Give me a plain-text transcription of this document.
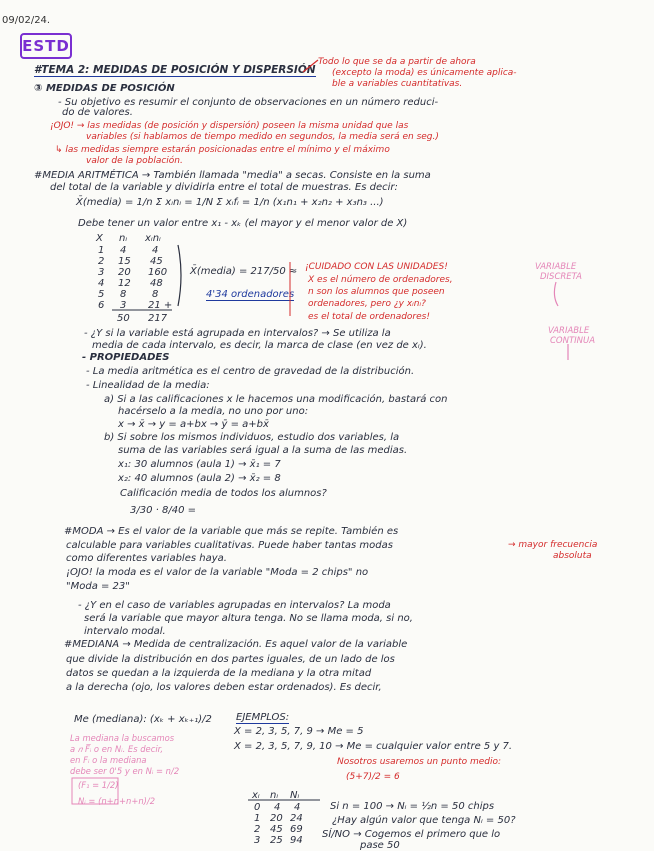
09/02/24.
ESTD
#TEMA 2: MEDIDAS DE POSICIÓN Y DISPERSIÓN
Todo lo que se da a partir de ahora
(excepto la moda) es únicamente aplica-
ble a variables cuantitativas.
③ MEDIDAS DE POSICIÓN
- Su objetivo es resumir el conjunto de observaciones en un número reduci-
do de valores.
¡OJO! → las medidas (de posición y dispersión) poseen la misma unidad que las
variables (si hablamos de tiempo medido en segundos, la media será en seg.)
↳ las medidas siempre estarán posicionadas entre el mínimo y el máximo
valor de la población.
#MEDIA ARITMÉTICA → También llamada "media" a secas. Consiste en la suma
del total de la variable y dividirla entre el total de muestras. Es decir:
X̄(media) = 1/n Σ xᵢnᵢ = 1/N Σ xᵢfᵢ = 1/n (x₁n₁ + x₂n₂ + x₃n₃ ...)
Debe tener un valor entre x₁ - xₖ (el mayor y el menor valor de X)
X nᵢ xᵢnᵢ
1
2
3
4
5
6
4
15
20
12
8
3
4
45
160
48
8
21 +
50 217
X̄(media) = 217/50 ≈
4'34 ordenadores
¡CUIDADO CON LAS UNIDADES!
X es el número de ordenadores,
n son los alumnos que poseen
ordenadores, pero ¿y xᵢnᵢ?
es el total de ordenadores!
VARIABLE
DISCRETA
VARIABLE
CONTINUA
- ¿Y si la variable está agrupada en intervalos? → Se utiliza la
media de cada intervalo, es decir, la marca de clase (en vez de xᵢ).
- PROPIEDADES
- La media aritmética es el centro de gravedad de la distribución.
- Linealidad de la media:
a) Si a las calificaciones x le hacemos una modificación, bastará con
hacérselo a la media, no uno por uno:
x → x̄ → y = a+bx → ȳ = a+bx̄
b) Si sobre los mismos individuos, estudio dos variables, la
suma de las variables será igual a la suma de las medias.
x₁: 30 alumnos (aula 1) → x̄₁ = 7
x₂: 40 alumnos (aula 2) → x̄₂ = 8
Calificación media de todos los alumnos?
3/30 · 8/40 =
#MODA → Es el valor de la variable que más se repite. También es
calculable para variables cualitativas. Puede haber tantas modas
como diferentes variables haya.
¡OJO! la moda es el valor de la variable "Moda = 2 chips" no
"Moda = 23"
- ¿Y en el caso de variables agrupadas en intervalos? La moda
será la variable que mayor altura tenga. No se llama moda, si no,
intervalo modal.
→ mayor frecuencia
absoluta
#MEDIANA → Medida de centralización. Es aquel valor de la variable
que divide la distribución en dos partes iguales, de un lado de los
datos se quedan a la izquierda de la mediana y la otra mitad
a la derecha (ojo, los valores deben estar ordenados). Es decir,
Me (mediana): (xₖ + xₖ₊₁)/2 EJEMPLOS:
X = 2, 3, 5, 7, 9 → Me = 5
X = 2, 3, 5, 7, 9, 10 → Me = cualquier valor entre 5 y 7.
Nosotros usaremos un punto medio:
(5+7)/2 = 6
La mediana la buscamos
a 𝑛 F̅ᵢ o en Nᵢ. Es decir,
en Fᵢ o la mediana
debe ser 0'5 y en Nᵢ = n/2
(F₁ = 1/2)
Nᵢ = (n+n+n+n)/2	xᵢ nᵢ Nᵢ
0 4 4
1 20 24
2 45 69
3 25 94
Si n = 100 → Nᵢ = ½n = 50 chips
¿Hay algún valor que tenga Nᵢ = 50?
SÍ/NO → Cogemos el primero que lo
pase 50
